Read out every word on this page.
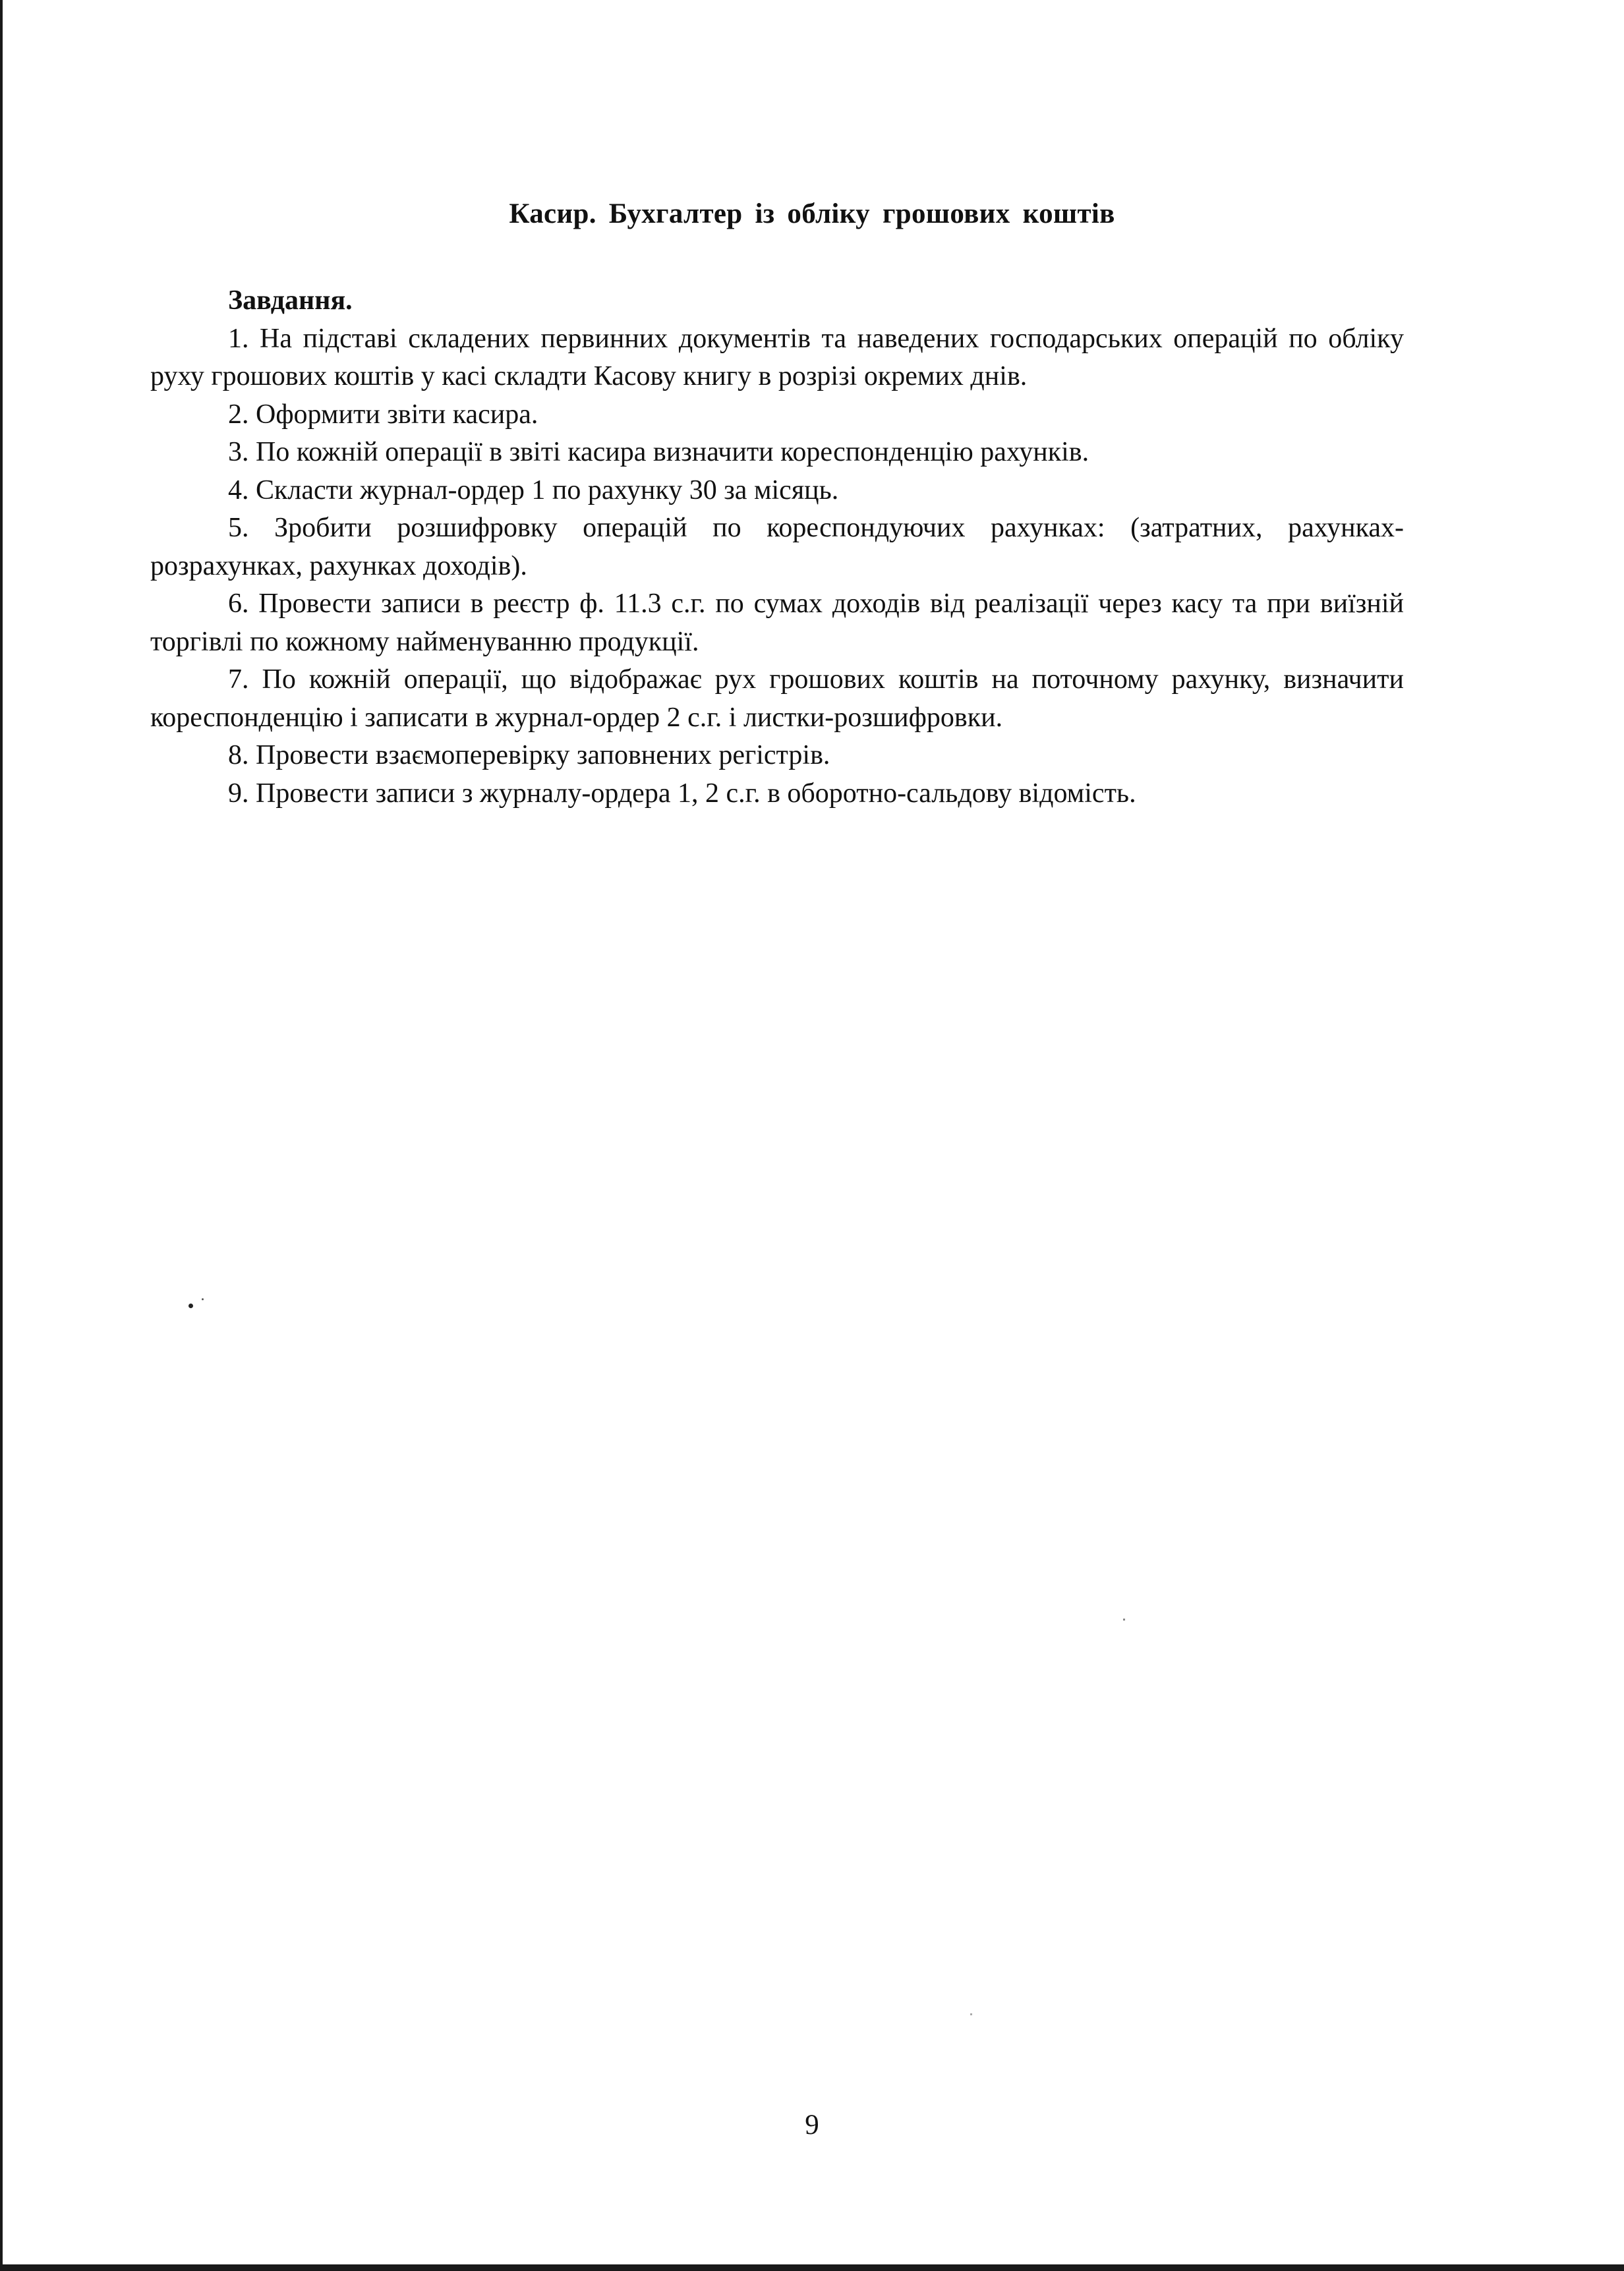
Касир. Бухгалтер із обліку грошових коштів
Завдання.

1. На підставі складених первинних документів та наведених господарських операцій по обліку руху грошових коштів у касі складти Касову книгу в розрізі окремих днів.

2. Оформити звіти касира.

3. По кожній операції в звіті касира визначити кореспонденцію рахунків.

4. Скласти журнал-ордер 1 по рахунку 30 за місяць.

5. Зробити розшифровку операцій по кореспондуючих рахунках: (затратних, рахунках-розрахунках, рахунках доходів).

6. Провести записи в реєстр ф. 11.3 с.г. по сумах доходів від реалізації через касу та при виїзній торгівлі по кожному найменуванню продукції.

7. По кожній операції, що відображає рух грошових коштів на поточному рахунку, визначити кореспонденцію і записати в журнал-ордер 2 с.г. і листки-розшифровки.

8. Провести взаємоперевірку заповнених регістрів.

9. Провести записи з журналу-ордера 1, 2 с.г. в оборотно-сальдову відомість.

9
